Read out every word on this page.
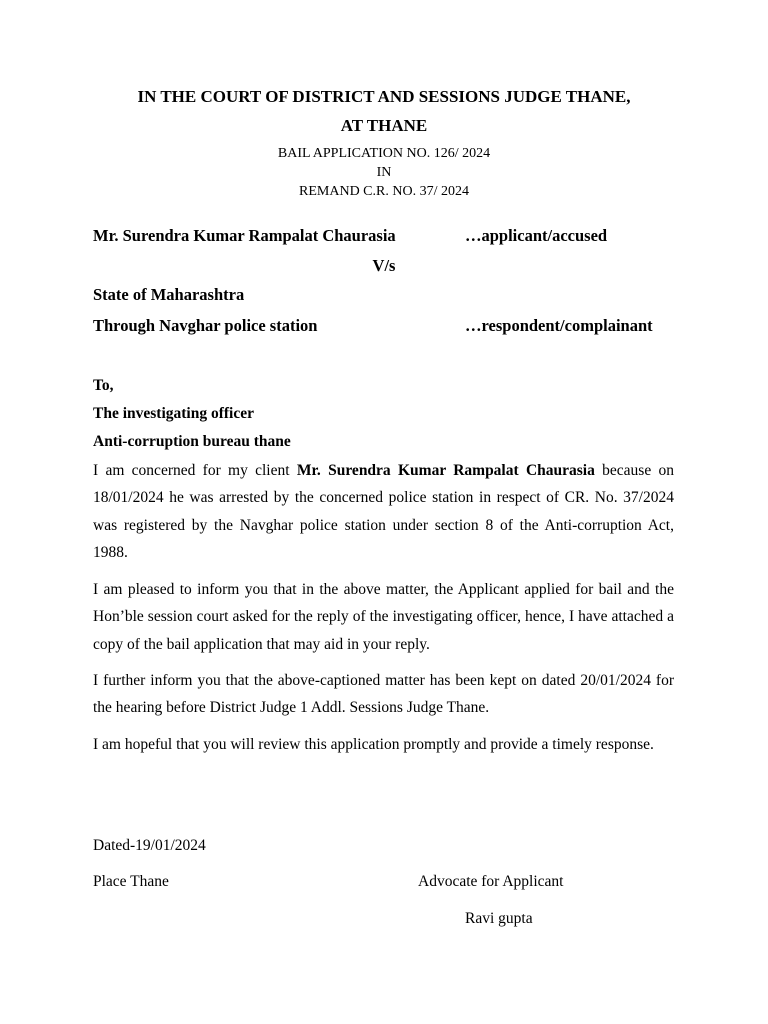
IN THE COURT OF DISTRICT AND SESSIONS JUDGE THANE,
AT THANE
BAIL APPLICATION NO. 126/ 2024
IN
REMAND C.R. NO. 37/ 2024
Mr. Surendra Kumar Rampalat Chaurasia	…applicant/accused
V/s
State of Maharashtra
Through Navghar police station	…respondent/complainant
To,
The investigating officer
Anti-corruption bureau thane
I am concerned for my client Mr. Surendra Kumar Rampalat Chaurasia because on 18/01/2024 he was arrested by the concerned police station in respect of CR. No. 37/2024 was registered by the Navghar police station under section 8 of the Anti-corruption Act, 1988.
I am pleased to inform you that in the above matter, the Applicant applied for bail and the Hon’ble session court asked for the reply of the investigating officer, hence, I have attached a copy of the bail application that may aid in your reply.
I further inform you that the above-captioned matter has been kept on dated 20/01/2024 for the hearing before District Judge 1 Addl. Sessions Judge Thane.
I am hopeful that you will review this application promptly and provide a timely response.
Dated-19/01/2024
Place Thane	Advocate for Applicant
Ravi gupta
